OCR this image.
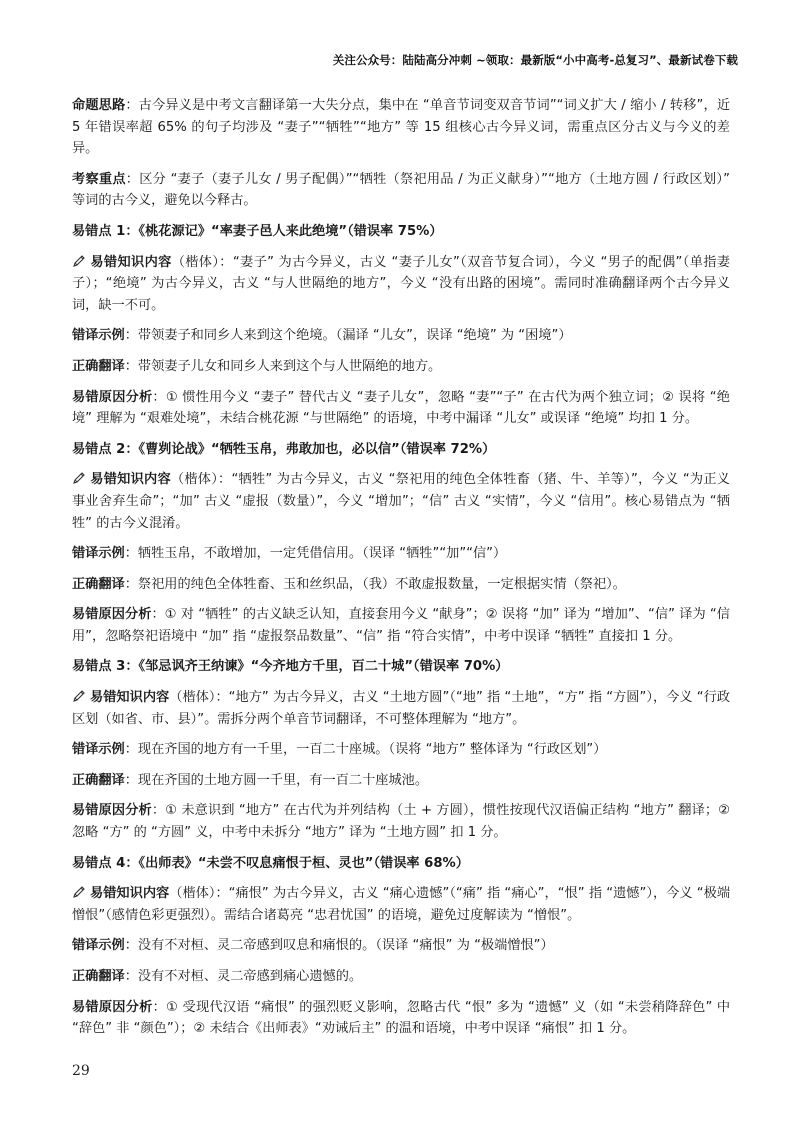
关注公众号：陆陆高分冲刺 ~领取：最新版“小中高考-总复习”、最新试卷下载

命题思路：古今异义是中考文言翻译第一大失分点，集中在 “单音节词变双音节词”“词义扩大 / 缩小 / 转移”，近 5 年错误率超 65% 的句子均涉及 “妻子”“牺牲”“地方” 等 15 组核心古今异义词，需重点区分古义与今义的差异。

考察重点：区分 “妻子（妻子儿女 / 男子配偶）”“牺牲（祭祀用品 / 为正义献身）”“地方（土地方圆 / 行政区划）” 等词的古今义，避免以今释古。

易错点 1：《桃花源记》“率妻子邑人来此绝境”（错误率 75%）

易错知识内容（楷体）：“妻子” 为古今异义，古义 “妻子儿女”（双音节复合词），今义 “男子的配偶”（单指妻子）；“绝境” 为古今异义，古义 “与人世隔绝的地方”，今义 “没有出路的困境”。需同时准确翻译两个古今异义词，缺一不可。

错译示例：带领妻子和同乡人来到这个绝境。（漏译 “儿女”，误译 “绝境” 为 “困境”）

正确翻译：带领妻子儿女和同乡人来到这个与人世隔绝的地方。

易错原因分析：① 惯性用今义 “妻子” 替代古义 “妻子儿女”，忽略 “妻”“子” 在古代为两个独立词；② 误将 “绝境” 理解为 “艰难处境”，未结合桃花源 “与世隔绝” 的语境，中考中漏译 “儿女” 或误译 “绝境” 均扣 1 分。

易错点 2：《曹刿论战》“牺牲玉帛，弗敢加也，必以信”（错误率 72%）

易错知识内容（楷体）：“牺牲” 为古今异义，古义 “祭祀用的纯色全体牲畜（猪、牛、羊等）”，今义 “为正义事业舍弃生命”；“加” 古义 “虚报（数量）”，今义 “增加”；“信” 古义 “实情”，今义 “信用”。核心易错点为 “牺牲” 的古今义混淆。

错译示例：牺牲玉帛，不敢增加，一定凭借信用。（误译 “牺牲”“加”“信”）

正确翻译：祭祀用的纯色全体牲畜、玉和丝织品，（我）不敢虚报数量，一定根据实情（祭祀）。

易错原因分析：① 对 “牺牲” 的古义缺乏认知，直接套用今义 “献身”；② 误将 “加” 译为 “增加”、“信” 译为 “信用”，忽略祭祀语境中 “加” 指 “虚报祭品数量”、“信” 指 “符合实情”，中考中误译 “牺牲” 直接扣 1 分。

易错点 3：《邹忌讽齐王纳谏》“今齐地方千里，百二十城”（错误率 70%）

易错知识内容（楷体）：“地方” 为古今异义，古义 “土地方圆”（“地” 指 “土地”，“方” 指 “方圆”），今义 “行政区划（如省、市、县）”。需拆分两个单音节词翻译，不可整体理解为 “地方”。

错译示例：现在齐国的地方有一千里，一百二十座城。（误将 “地方” 整体译为 “行政区划”）

正确翻译：现在齐国的土地方圆一千里，有一百二十座城池。

易错原因分析：① 未意识到 “地方” 在古代为并列结构（土 + 方圆），惯性按现代汉语偏正结构 “地方” 翻译；② 忽略 “方” 的 “方圆” 义，中考中未拆分 “地方” 译为 “土地方圆” 扣 1 分。

易错点 4：《出师表》“未尝不叹息痛恨于桓、灵也”（错误率 68%）

易错知识内容（楷体）：“痛恨” 为古今异义，古义 “痛心遗憾”（“痛” 指 “痛心”，“恨” 指 “遗憾”），今义 “极端憎恨”（感情色彩更强烈）。需结合诸葛亮 “忠君忧国” 的语境，避免过度解读为 “憎恨”。

错译示例：没有不对桓、灵二帝感到叹息和痛恨的。（误译 “痛恨” 为 “极端憎恨”）

正确翻译：没有不对桓、灵二帝感到痛心遗憾的。

易错原因分析：① 受现代汉语 “痛恨” 的强烈贬义影响，忽略古代 “恨” 多为 “遗憾” 义（如 “未尝稍降辞色” 中 “辞色” 非 “颜色”）；② 未结合《出师表》“劝诫后主” 的温和语境，中考中误译 “痛恨” 扣 1 分。

29
